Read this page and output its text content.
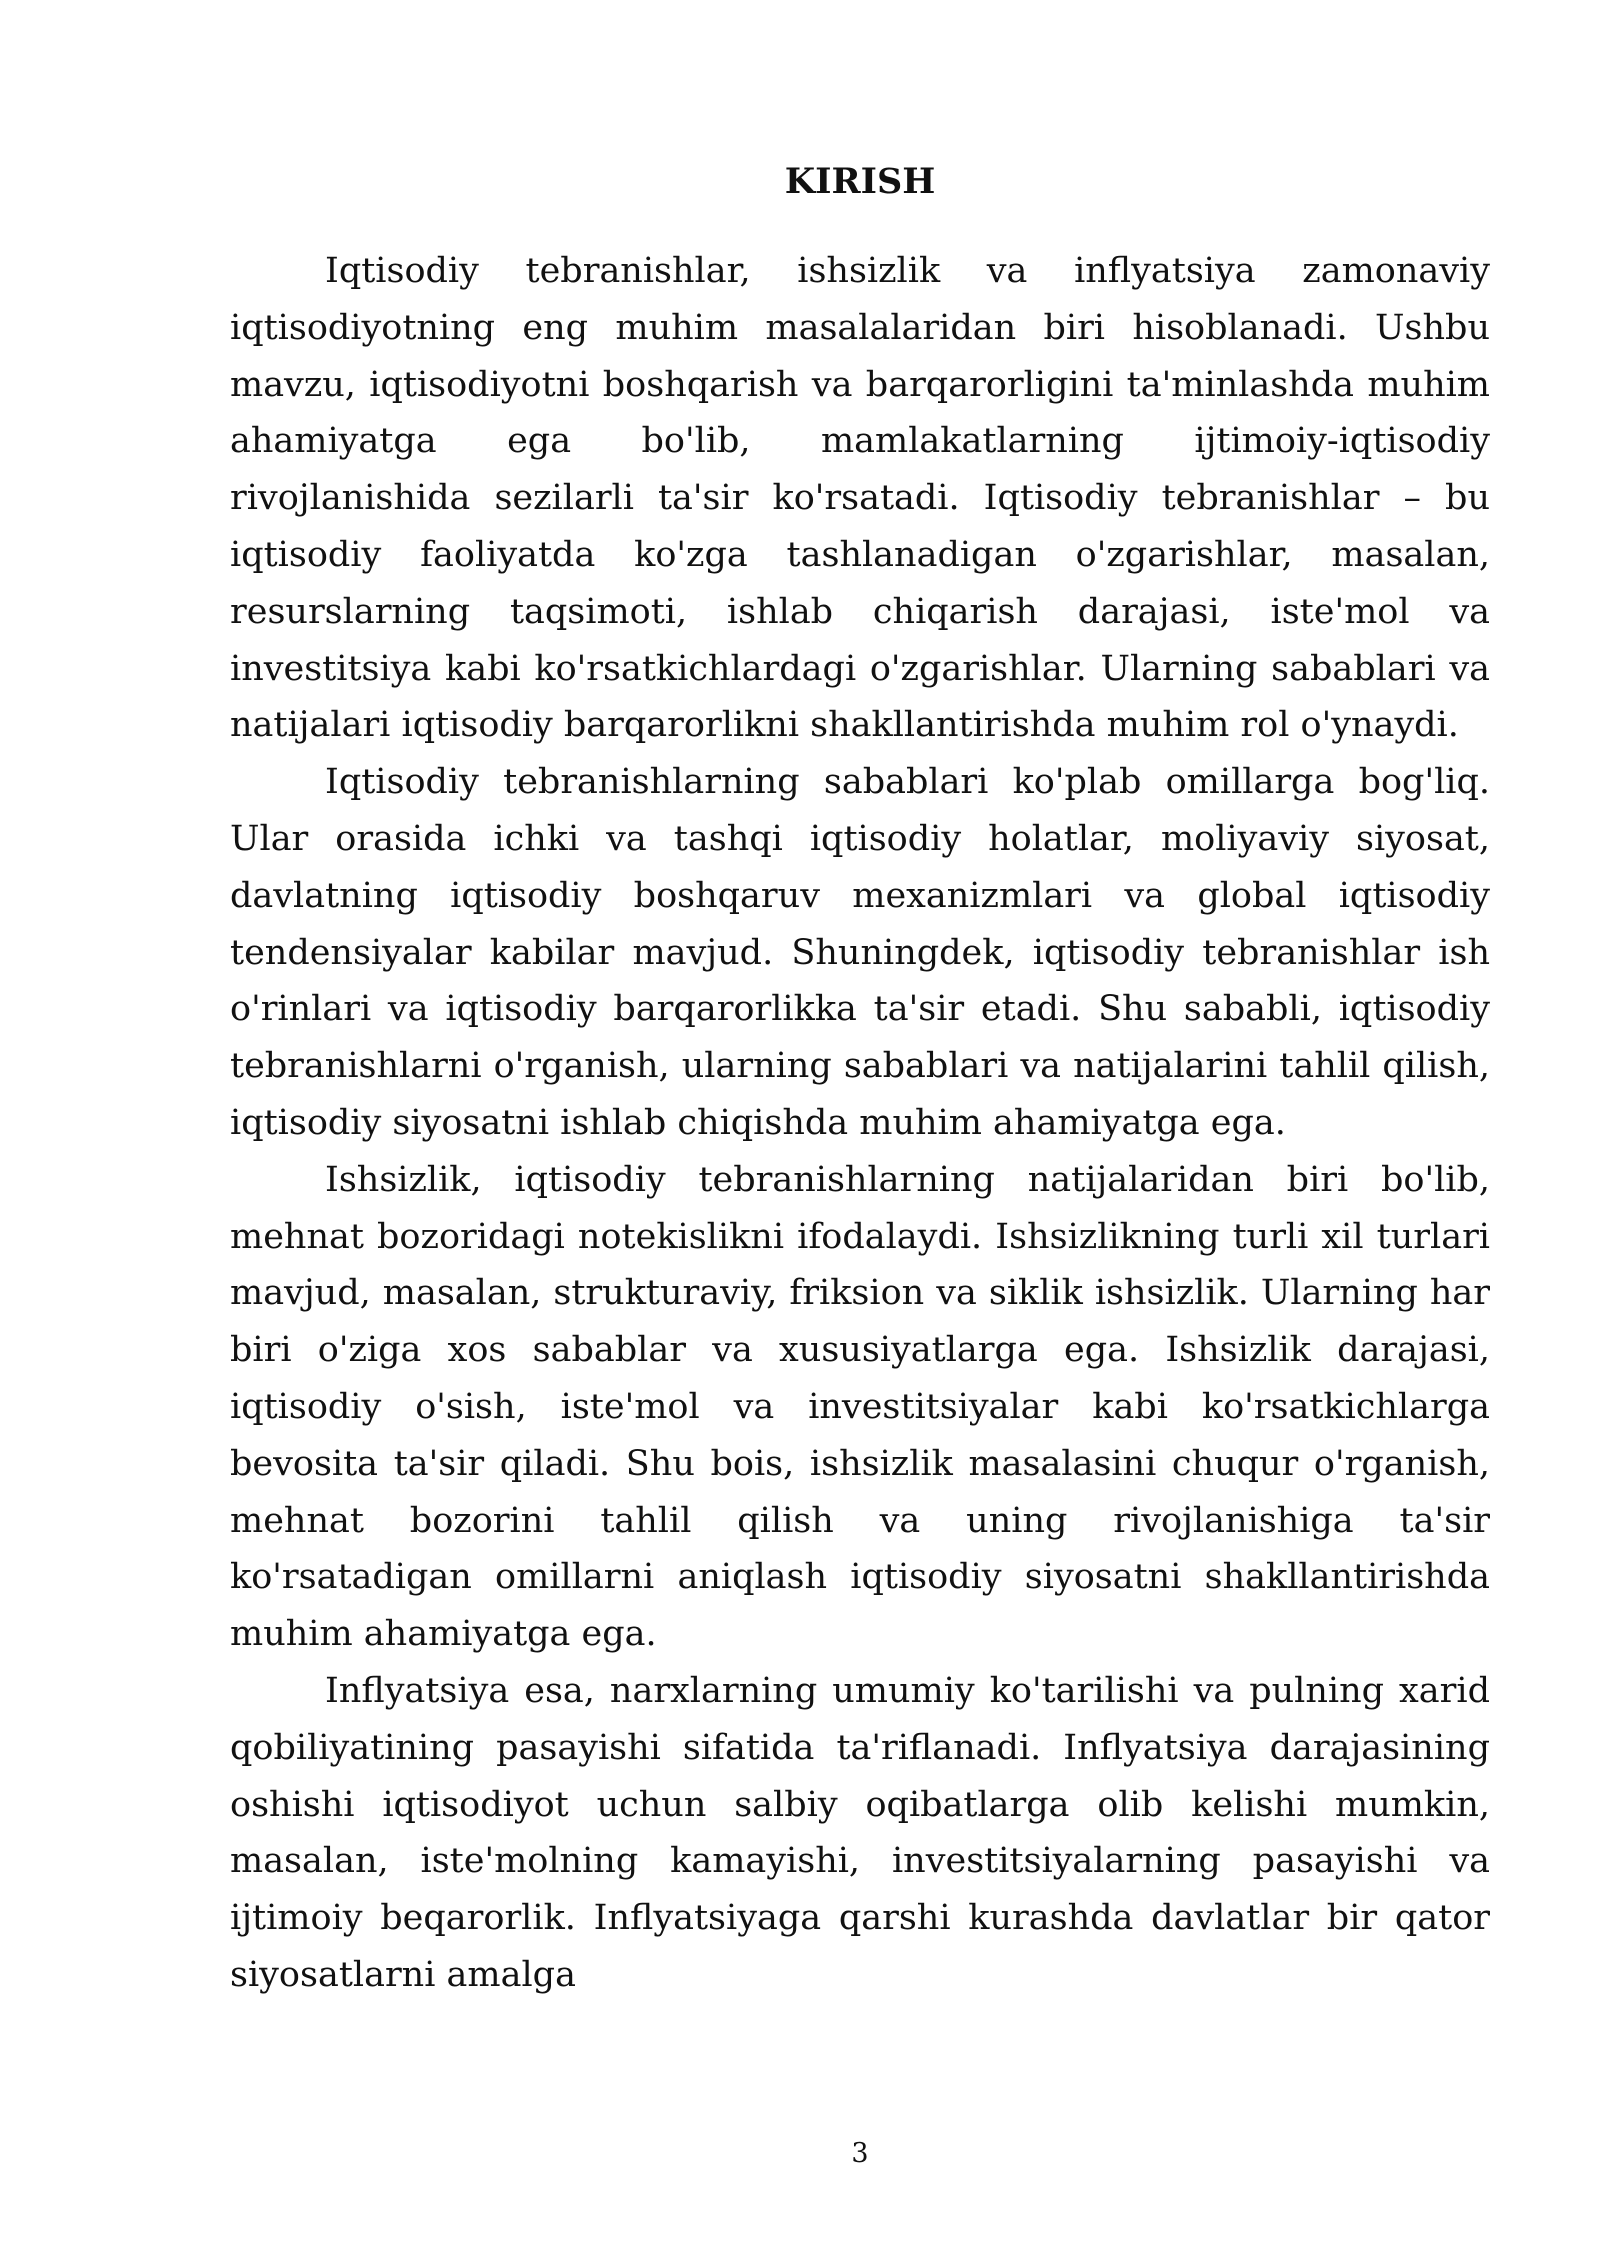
KIRISH

Iqtisodiy tebranishlar, ishsizlik va inflyatsiya zamonaviy iqtisodiyotning eng muhim masalalaridan biri hisoblanadi. Ushbu mavzu, iqtisodiyotni boshqarish va barqarorligini ta'minlashda muhim ahamiyatga ega bo'lib, mamlakatlarning ijtimoiy-iqtisodiy rivojlanishida sezilarli ta'sir ko'rsatadi. Iqtisodiy tebranishlar – bu iqtisodiy faoliyatda ko'zga tashlanadigan o'zgarishlar, masalan, resurslarning taqsimoti, ishlab chiqarish darajasi, iste'mol va investitsiya kabi ko'rsatkichlardagi o'zgarishlar. Ularning sabablari va natijalari iqtisodiy barqarorlikni shakllantirishda muhim rol o'ynaydi.

Iqtisodiy tebranishlarning sabablari ko'plab omillarga bog'liq. Ular orasida ichki va tashqi iqtisodiy holatlar, moliyaviy siyosat, davlatning iqtisodiy boshqaruv mexanizmlari va global iqtisodiy tendensiyalar kabilar mavjud. Shuningdek, iqtisodiy tebranishlar ish o'rinlari va iqtisodiy barqarorlikka ta'sir etadi. Shu sababli, iqtisodiy tebranishlarni o'rganish, ularning sabablari va natijalarini tahlil qilish, iqtisodiy siyosatni ishlab chiqishda muhim ahamiyatga ega.

Ishsizlik, iqtisodiy tebranishlarning natijalaridan biri bo'lib, mehnat bozoridagi notekislikni ifodalaydi. Ishsizlikning turli xil turlari mavjud, masalan, strukturaviy, friksion va siklik ishsizlik. Ularning har biri o'ziga xos sabablar va xususiyatlarga ega. Ishsizlik darajasi, iqtisodiy o'sish, iste'mol va investitsiyalar kabi ko'rsatkichlarga bevosita ta'sir qiladi. Shu bois, ishsizlik masalasini chuqur o'rganish, mehnat bozorini tahlil qilish va uning rivojlanishiga ta'sir ko'rsatadigan omillarni aniqlash iqtisodiy siyosatni shakllantirishda muhim ahamiyatga ega.

Inflyatsiya esa, narxlarning umumiy ko'tarilishi va pulning xarid qobiliyatining pasayishi sifatida ta'riflanadi. Inflyatsiya darajasining oshishi iqtisodiyot uchun salbiy oqibatlarga olib kelishi mumkin, masalan, iste'molning kamayishi, investitsiyalarning pasayishi va ijtimoiy beqarorlik. Inflyatsiyaga qarshi kurashda davlatlar bir qator siyosatlarni amalga

3
